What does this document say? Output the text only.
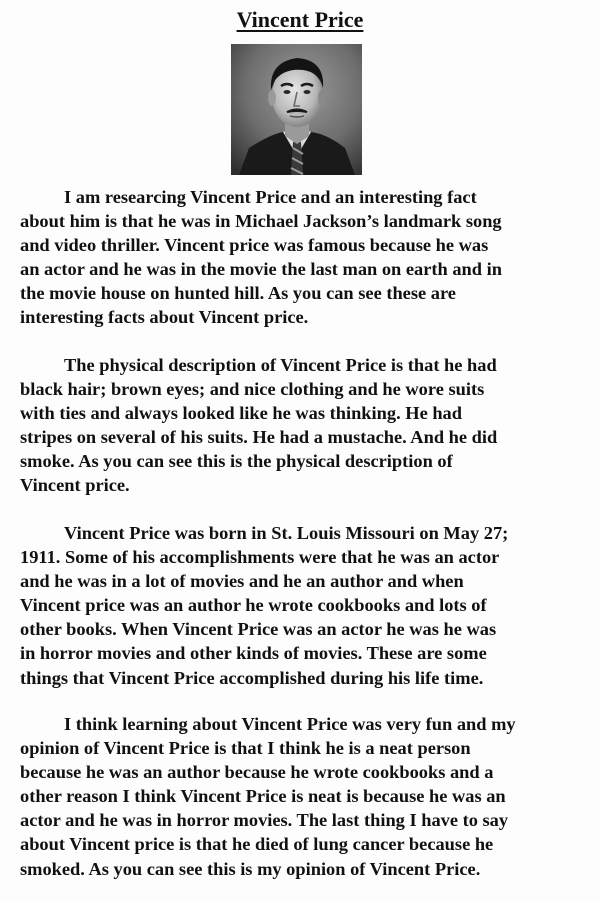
Vincent Price

I am researcing Vincent Price and an interesting fact
about him is that he was in Michael Jackson’s landmark song
and video thriller. Vincent price was famous because he was
an actor and he was in the movie the last man on earth and in
the movie house on hunted hill. As you can see these are
interesting facts about Vincent price.

The physical description of Vincent Price is that he had
black hair; brown eyes; and nice clothing and he wore suits
with ties and always looked like he was thinking. He had
stripes on several of his suits. He had a mustache. And he did
smoke. As you can see this is the physical description of
Vincent price.

Vincent Price was born in St. Louis Missouri on May 27;
1911. Some of his accomplishments were that he was an actor
and he was in a lot of movies and he an author and when
Vincent price was an author he wrote cookbooks and lots of
other books. When Vincent Price was an actor he was he was
in horror movies and other kinds of movies. These are some
things that Vincent Price accomplished during his life time.

I think learning about Vincent Price was very fun and my
opinion of Vincent Price is that I think he is a neat person
because he was an author because he wrote cookbooks and a
other reason I think Vincent Price is neat is because he was an
actor and he was in horror movies. The last thing I have to say
about Vincent price is that he died of lung cancer because he
smoked. As you can see this is my opinion of Vincent Price.
